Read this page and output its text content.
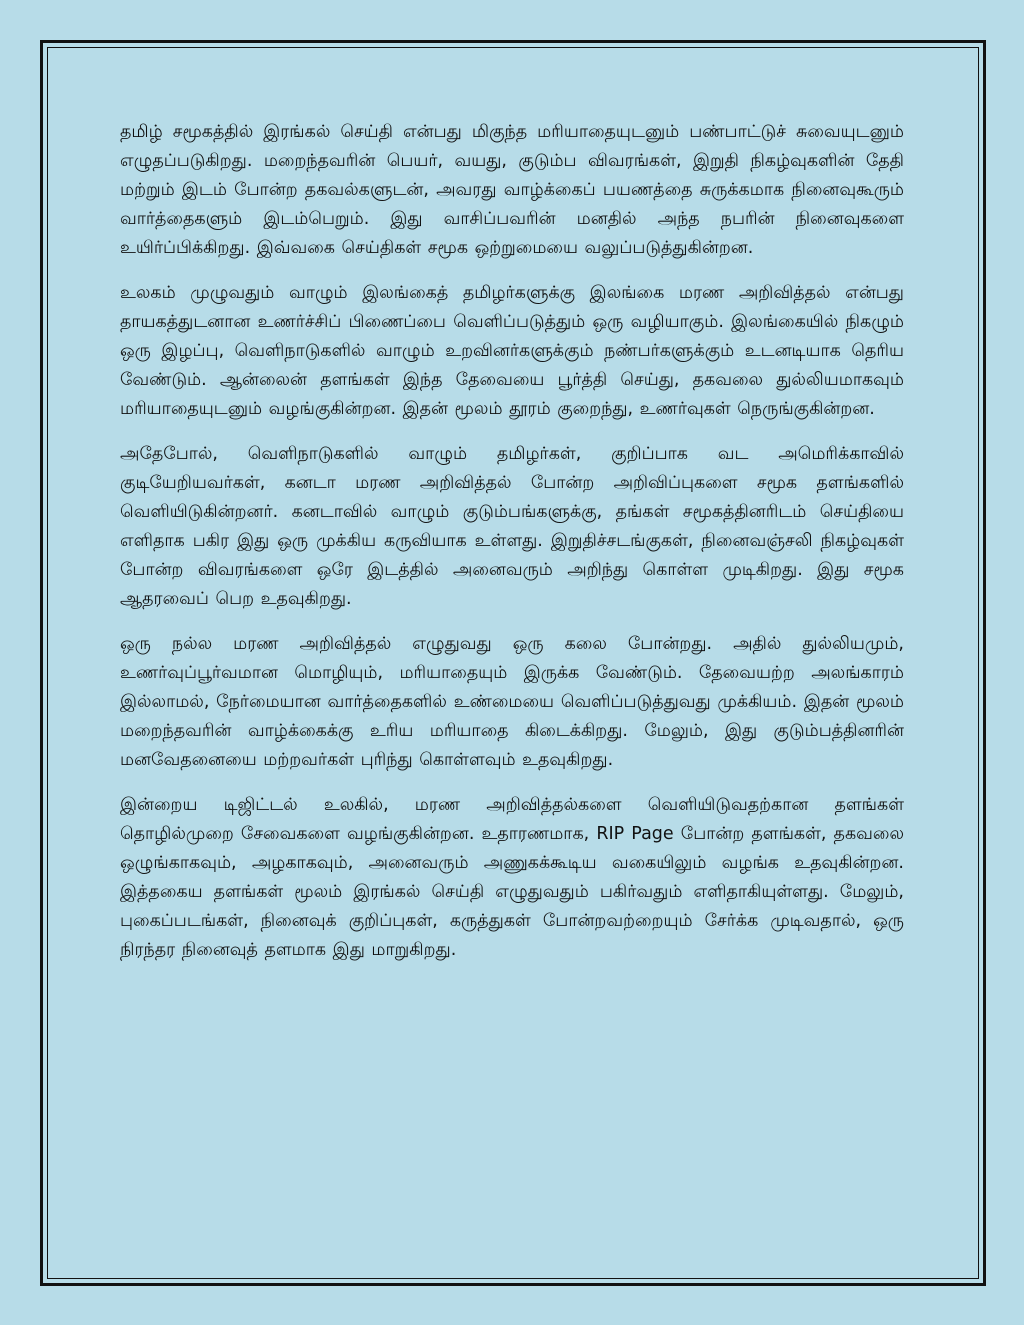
தமிழ் சமூகத்தில் இரங்கல் செய்தி என்பது மிகுந்த மரியாதையுடனும் பண்பாட்டுச் சுவையுடனும் எழுதப்படுகிறது. மறைந்தவரின் பெயர், வயது, குடும்ப விவரங்கள், இறுதி நிகழ்வுகளின் தேதி மற்றும் இடம் போன்ற தகவல்களுடன், அவரது வாழ்க்கைப் பயணத்தை சுருக்கமாக நினைவுகூரும் வார்த்தைகளும் இடம்பெறும். இது வாசிப்பவரின் மனதில் அந்த நபரின் நினைவுகளை உயிர்ப்பிக்கிறது. இவ்வகை செய்திகள் சமூக ஒற்றுமையை வலுப்படுத்துகின்றன.

உலகம் முழுவதும் வாழும் இலங்கைத் தமிழர்களுக்கு இலங்கை மரண அறிவித்தல் என்பது தாயகத்துடனான உணர்ச்சிப் பிணைப்பை வெளிப்படுத்தும் ஒரு வழியாகும். இலங்கையில் நிகழும் ஒரு இழப்பு, வெளிநாடுகளில் வாழும் உறவினர்களுக்கும் நண்பர்களுக்கும் உடனடியாக தெரிய வேண்டும். ஆன்லைன் தளங்கள் இந்த தேவையை பூர்த்தி செய்து, தகவலை துல்லியமாகவும் மரியாதையுடனும் வழங்குகின்றன. இதன் மூலம் தூரம் குறைந்து, உணர்வுகள் நெருங்குகின்றன.

அதேபோல், வெளிநாடுகளில் வாழும் தமிழர்கள், குறிப்பாக வட அமெரிக்காவில் குடியேறியவர்கள், கனடா மரண அறிவித்தல் போன்ற அறிவிப்புகளை சமூக தளங்களில் வெளியிடுகின்றனர். கனடாவில் வாழும் குடும்பங்களுக்கு, தங்கள் சமூகத்தினரிடம் செய்தியை எளிதாக பகிர இது ஒரு முக்கிய கருவியாக உள்ளது. இறுதிச்சடங்குகள், நினைவஞ்சலி நிகழ்வுகள் போன்ற விவரங்களை ஒரே இடத்தில் அனைவரும் அறிந்து கொள்ள முடிகிறது. இது சமூக ஆதரவைப் பெற உதவுகிறது.

ஒரு நல்ல மரண அறிவித்தல் எழுதுவது ஒரு கலை போன்றது. அதில் துல்லியமும், உணர்வுப்பூர்வமான மொழியும், மரியாதையும் இருக்க வேண்டும். தேவையற்ற அலங்காரம் இல்லாமல், நேர்மையான வார்த்தைகளில் உண்மையை வெளிப்படுத்துவது முக்கியம். இதன் மூலம் மறைந்தவரின் வாழ்க்கைக்கு உரிய மரியாதை கிடைக்கிறது. மேலும், இது குடும்பத்தினரின் மனவேதனையை மற்றவர்கள் புரிந்து கொள்ளவும் உதவுகிறது.

இன்றைய டிஜிட்டல் உலகில், மரண அறிவித்தல்களை வெளியிடுவதற்கான தளங்கள் தொழில்முறை சேவைகளை வழங்குகின்றன. உதாரணமாக, RIP Page போன்ற தளங்கள், தகவலை ஒழுங்காகவும், அழகாகவும், அனைவரும் அணுகக்கூடிய வகையிலும் வழங்க உதவுகின்றன. இத்தகைய தளங்கள் மூலம் இரங்கல் செய்தி எழுதுவதும் பகிர்வதும் எளிதாகியுள்ளது. மேலும், புகைப்படங்கள், நினைவுக் குறிப்புகள், கருத்துகள் போன்றவற்றையும் சேர்க்க முடிவதால், ஒரு நிரந்தர நினைவுத் தளமாக இது மாறுகிறது.
